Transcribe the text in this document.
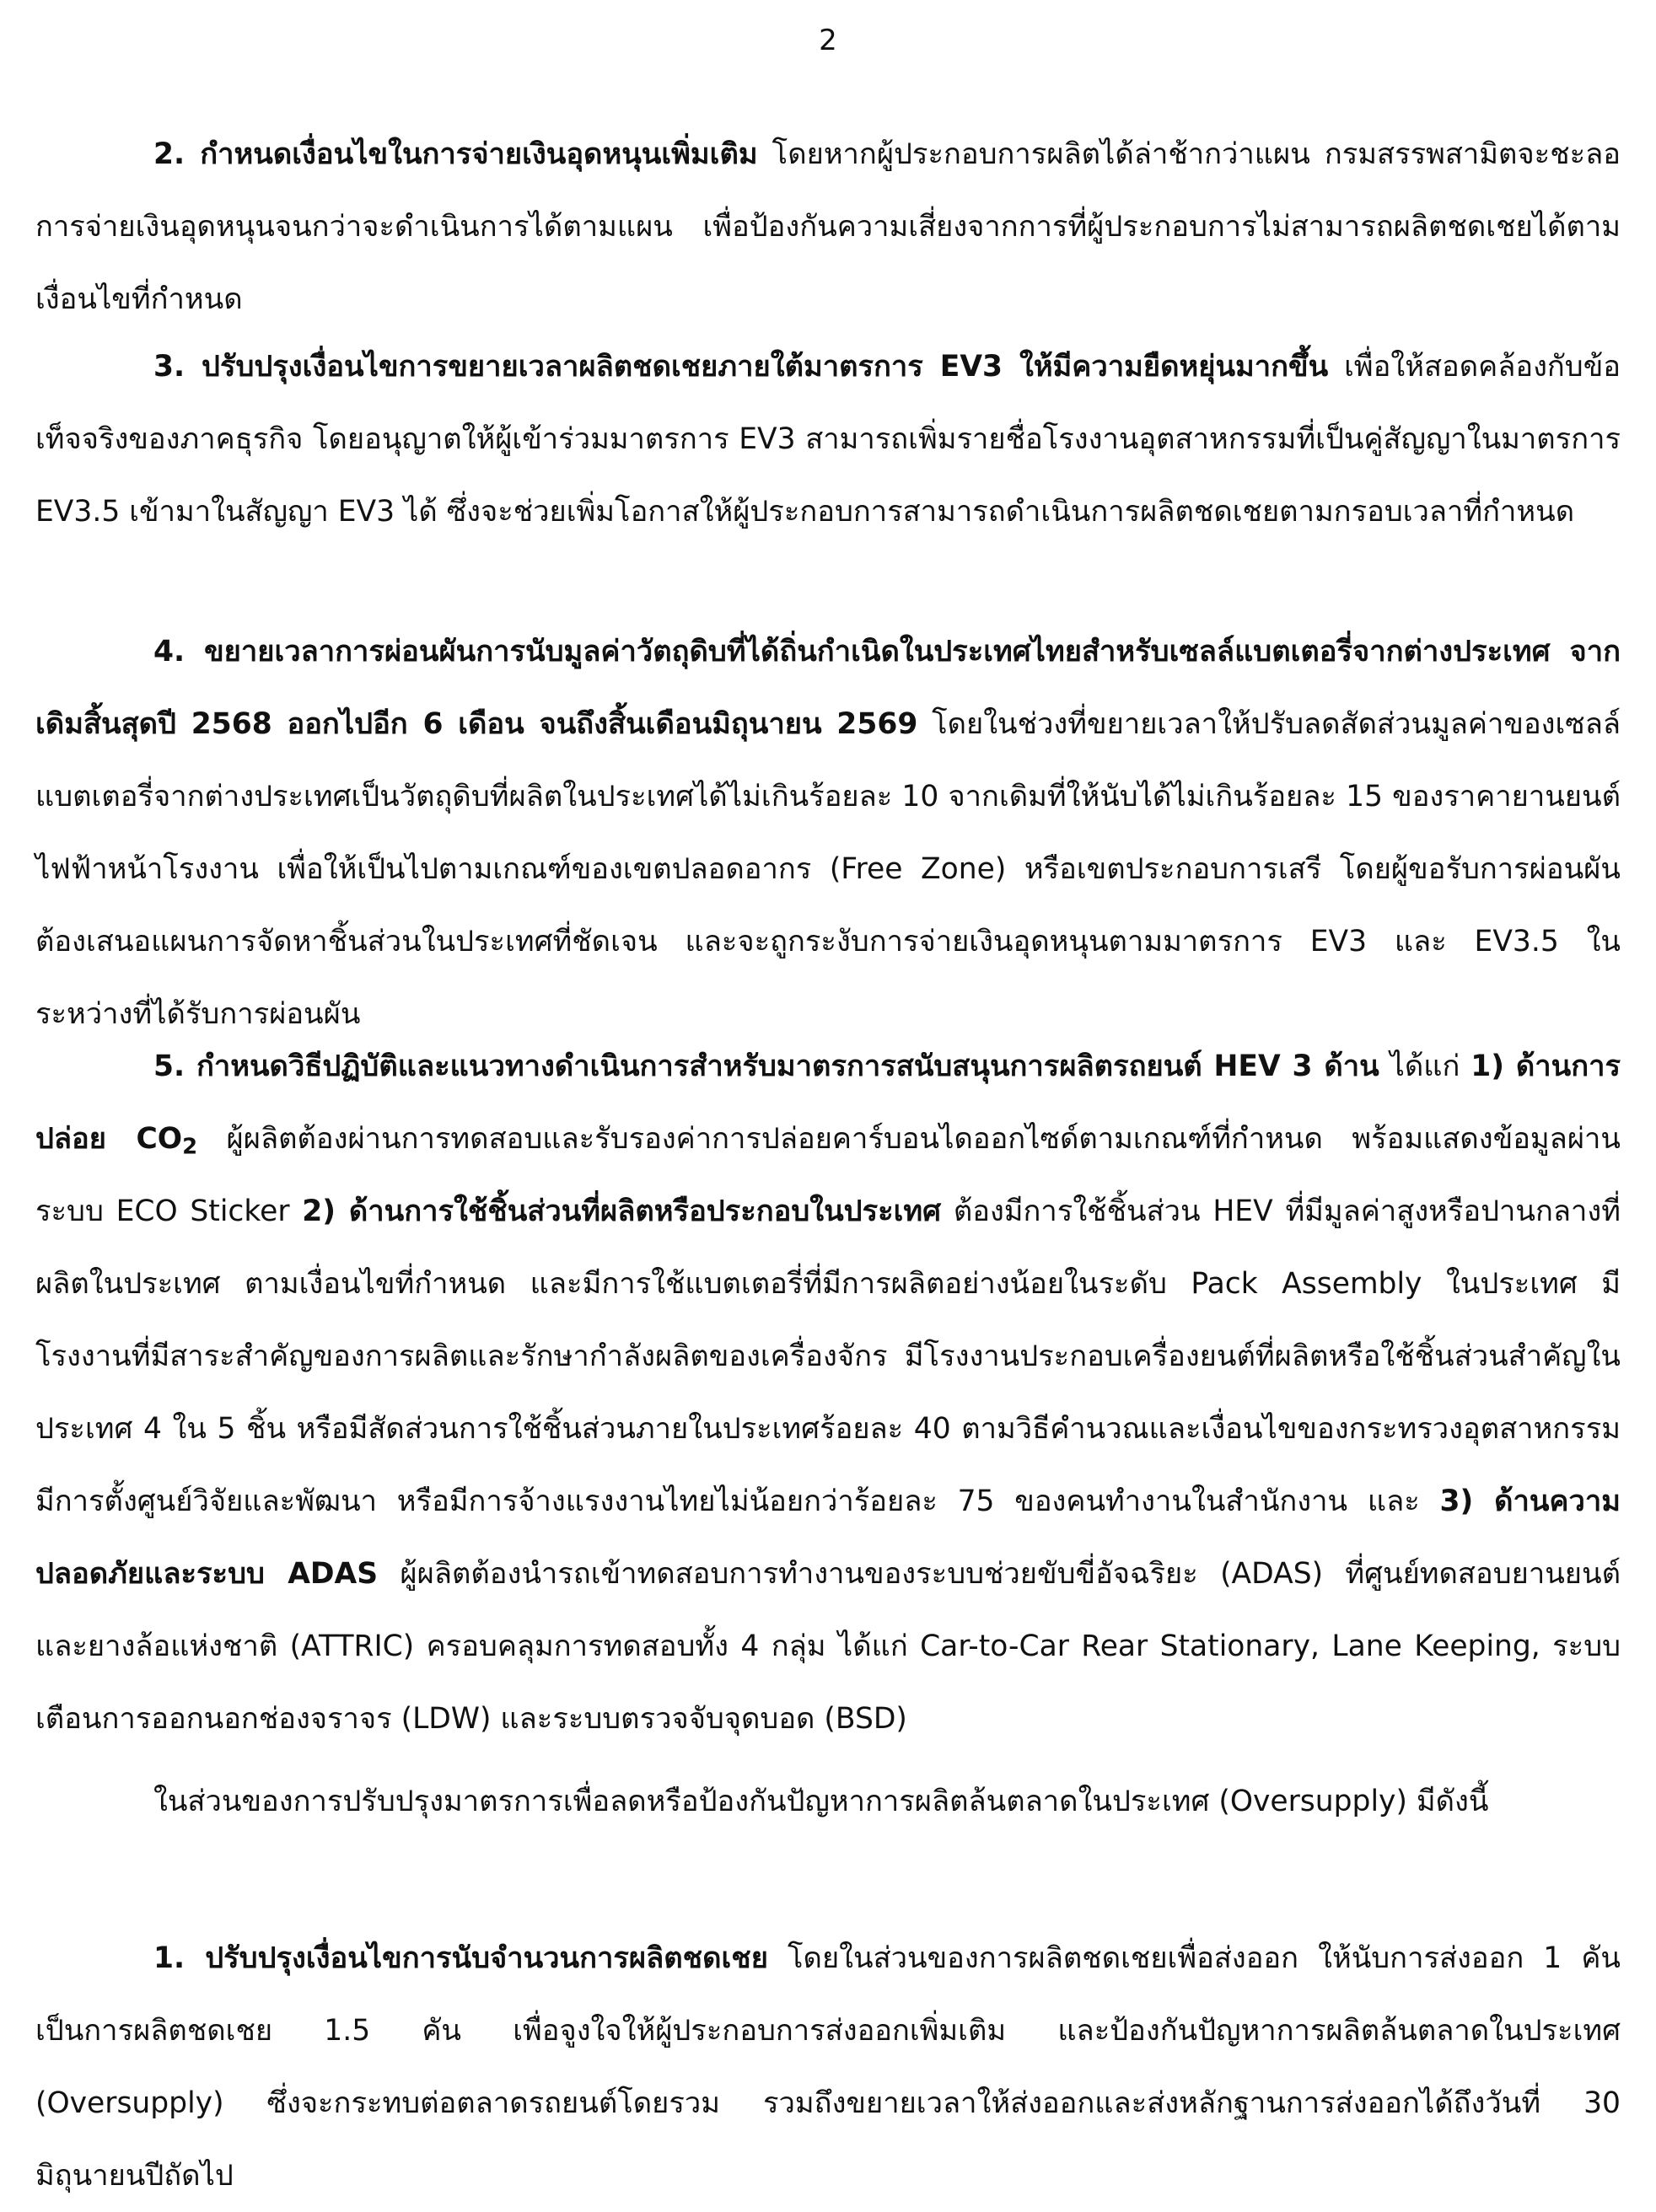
2

2. กำหนดเงื่อนไขในการจ่ายเงินอุดหนุนเพิ่มเติม โดยหากผู้ประกอบการผลิตได้ล่าช้ากว่าแผน กรมสรรพสามิตจะชะลอการจ่ายเงินอุดหนุนจนกว่าจะดำเนินการได้ตามแผน เพื่อป้องกันความเสี่ยงจากการที่ผู้ประกอบการไม่สามารถผลิตชดเชยได้ตามเงื่อนไขที่กำหนด

3. ปรับปรุงเงื่อนไขการขยายเวลาผลิตชดเชยภายใต้มาตรการ EV3 ให้มีความยืดหยุ่นมากขึ้น เพื่อให้สอดคล้องกับข้อเท็จจริงของภาคธุรกิจ โดยอนุญาตให้ผู้เข้าร่วมมาตรการ EV3 สามารถเพิ่มรายชื่อโรงงานอุตสาหกรรมที่เป็นคู่สัญญาในมาตรการ EV3.5 เข้ามาในสัญญา EV3 ได้ ซึ่งจะช่วยเพิ่มโอกาสให้ผู้ประกอบการสามารถดำเนินการผลิตชดเชยตามกรอบเวลาที่กำหนด

4. ขยายเวลาการผ่อนผันการนับมูลค่าวัตถุดิบที่ได้ถิ่นกำเนิดในประเทศไทยสำหรับเซลล์แบตเตอรี่จากต่างประเทศ จากเดิมสิ้นสุดปี 2568 ออกไปอีก 6 เดือน จนถึงสิ้นเดือนมิถุนายน 2569 โดยในช่วงที่ขยายเวลาให้ปรับลดสัดส่วนมูลค่าของเซลล์แบตเตอรี่จากต่างประเทศเป็นวัตถุดิบที่ผลิตในประเทศได้ไม่เกินร้อยละ 10 จากเดิมที่ให้นับได้ไม่เกินร้อยละ 15 ของราคายานยนต์ไฟฟ้าหน้าโรงงาน เพื่อให้เป็นไปตามเกณฑ์ของเขตปลอดอากร (Free Zone) หรือเขตประกอบการเสรี โดยผู้ขอรับการผ่อนผันต้องเสนอแผนการจัดหาชิ้นส่วนในประเทศที่ชัดเจน และจะถูกระงับการจ่ายเงินอุดหนุนตามมาตรการ EV3 และ EV3.5 ในระหว่างที่ได้รับการผ่อนผัน

5. กำหนดวิธีปฏิบัติและแนวทางดำเนินการสำหรับมาตรการสนับสนุนการผลิตรถยนต์ HEV 3 ด้าน ได้แก่ 1) ด้านการปล่อย $CO_2$ ผู้ผลิตต้องผ่านการทดสอบและรับรองค่าการปล่อยคาร์บอนไดออกไซด์ตามเกณฑ์ที่กำหนด พร้อมแสดงข้อมูลผ่านระบบ ECO Sticker 2) ด้านการใช้ชิ้นส่วนที่ผลิตหรือประกอบในประเทศ ต้องมีการใช้ชิ้นส่วน HEV ที่มีมูลค่าสูงหรือปานกลางที่ผลิตในประเทศ ตามเงื่อนไขที่กำหนด และมีการใช้แบตเตอรี่ที่มีการผลิตอย่างน้อยในระดับ Pack Assembly ในประเทศ มีโรงงานที่มีสาระสำคัญของการผลิตและรักษากำลังผลิตของเครื่องจักร มีโรงงานประกอบเครื่องยนต์ที่ผลิตหรือใช้ชิ้นส่วนสำคัญในประเทศ 4 ใน 5 ชิ้น หรือมีสัดส่วนการใช้ชิ้นส่วนภายในประเทศร้อยละ 40 ตามวิธีคำนวณและเงื่อนไขของกระทรวงอุตสาหกรรม มีการตั้งศูนย์วิจัยและพัฒนา หรือมีการจ้างแรงงานไทยไม่น้อยกว่าร้อยละ 75 ของคนทำงานในสำนักงาน และ 3) ด้านความปลอดภัยและระบบ ADAS ผู้ผลิตต้องนำรถเข้าทดสอบการทำงานของระบบช่วยขับขี่อัจฉริยะ (ADAS) ที่ศูนย์ทดสอบยานยนต์และยางล้อแห่งชาติ (ATTRIC) ครอบคลุมการทดสอบทั้ง 4 กลุ่ม ได้แก่ Car-to-Car Rear Stationary, Lane Keeping, ระบบเตือนการออกนอกช่องจราจร (LDW) และระบบตรวจจับจุดบอด (BSD)

ในส่วนของการปรับปรุงมาตรการเพื่อลดหรือป้องกันปัญหาการผลิตล้นตลาดในประเทศ (Oversupply) มีดังนี้

1. ปรับปรุงเงื่อนไขการนับจำนวนการผลิตชดเชย โดยในส่วนของการผลิตชดเชยเพื่อส่งออก ให้นับการส่งออก 1 คัน เป็นการผลิตชดเชย 1.5 คัน เพื่อจูงใจให้ผู้ประกอบการส่งออกเพิ่มเติม และป้องกันปัญหาการผลิตล้นตลาดในประเทศ (Oversupply) ซึ่งจะกระทบต่อตลาดรถยนต์โดยรวม รวมถึงขยายเวลาให้ส่งออกและส่งหลักฐานการส่งออกได้ถึงวันที่ 30 มิถุนายนปีถัดไป
